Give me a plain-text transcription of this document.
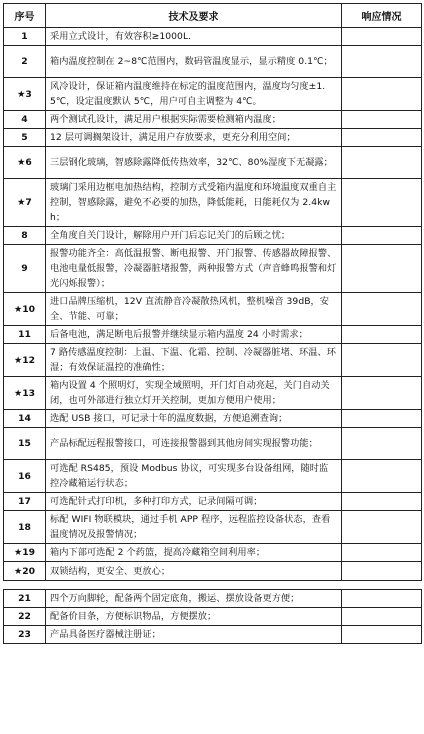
序号	技术及要求	响应情况
1	采用立式设计，有效容积≥1000L.	
2	箱内温度控制在 2~8℃范围内，数码管温度显示，显示精度 0.1℃；	
★3	风冷设计，保证箱内温度维持在标定的温度范围内，温度均匀度±1.5℃，设定温度默认 5℃，用户可自主调整为 4℃。	
4	两个测试孔设计，满足用户根据实际需要检测箱内温度；	
5	12 层可调搁架设计，满足用户存放要求，更充分利用空间；	
★6	三层钢化玻璃，智感除露降低传热效率，32℃、80%湿度下无凝露；	
★7	玻璃门采用边框电加热结构，控制方式受箱内温度和环境温度双重自主控制，智感除露，避免不必要的加热，降低能耗，日能耗仅为 2.4kwh；	
8	全角度自关门设计，解除用户开门后忘记关门的后顾之忧；	
9	报警功能齐全：高低温报警、断电报警、开门报警、传感器故障报警、电池电量低报警，冷凝器脏堵报警，两种报警方式（声音蜂鸣报警和灯光闪烁报警）；	
★10	进口品牌压缩机，12V 直流静音冷凝散热风机，整机噪音 39dB，安全、节能、可靠；	
11	后备电池，满足断电后报警并继续显示箱内温度 24 小时需求；	
★12	7 路传感温度控制：上温、下温、化霜、控制、冷凝器脏堵、环温、环湿；有效保证温控的准确性；	
★13	箱内设置 4 个照明灯，实现全域照明，开门灯自动亮起，关门自动关闭，也可外部进行独立灯开关控制，更加方便用户使用；	
14	选配 USB 接口，可记录十年的温度数据，方便追溯查询；	
15	产品标配远程报警接口，可连接报警器到其他房间实现报警功能；	
16	可选配 RS485，预设 Modbus 协议，可实现多台设备组网，随时监控冷藏箱运行状态；	
17	可选配针式打印机，多种打印方式，记录间隔可调；	
18	标配 WIFI 物联模块，通过手机 APP 程序，远程监控设备状态，查看温度情况及报警情况；	
★19	箱内下部可选配 2 个药篮，提高冷藏箱空间利用率；	
★20	双锁结构，更安全、更放心；	

21	四个万向脚轮，配备两个固定底角，搬运、摆放设备更方便；	
22	配备价目条，方便标识物品，方便摆放；	
23	产品具备医疗器械注册证；	
